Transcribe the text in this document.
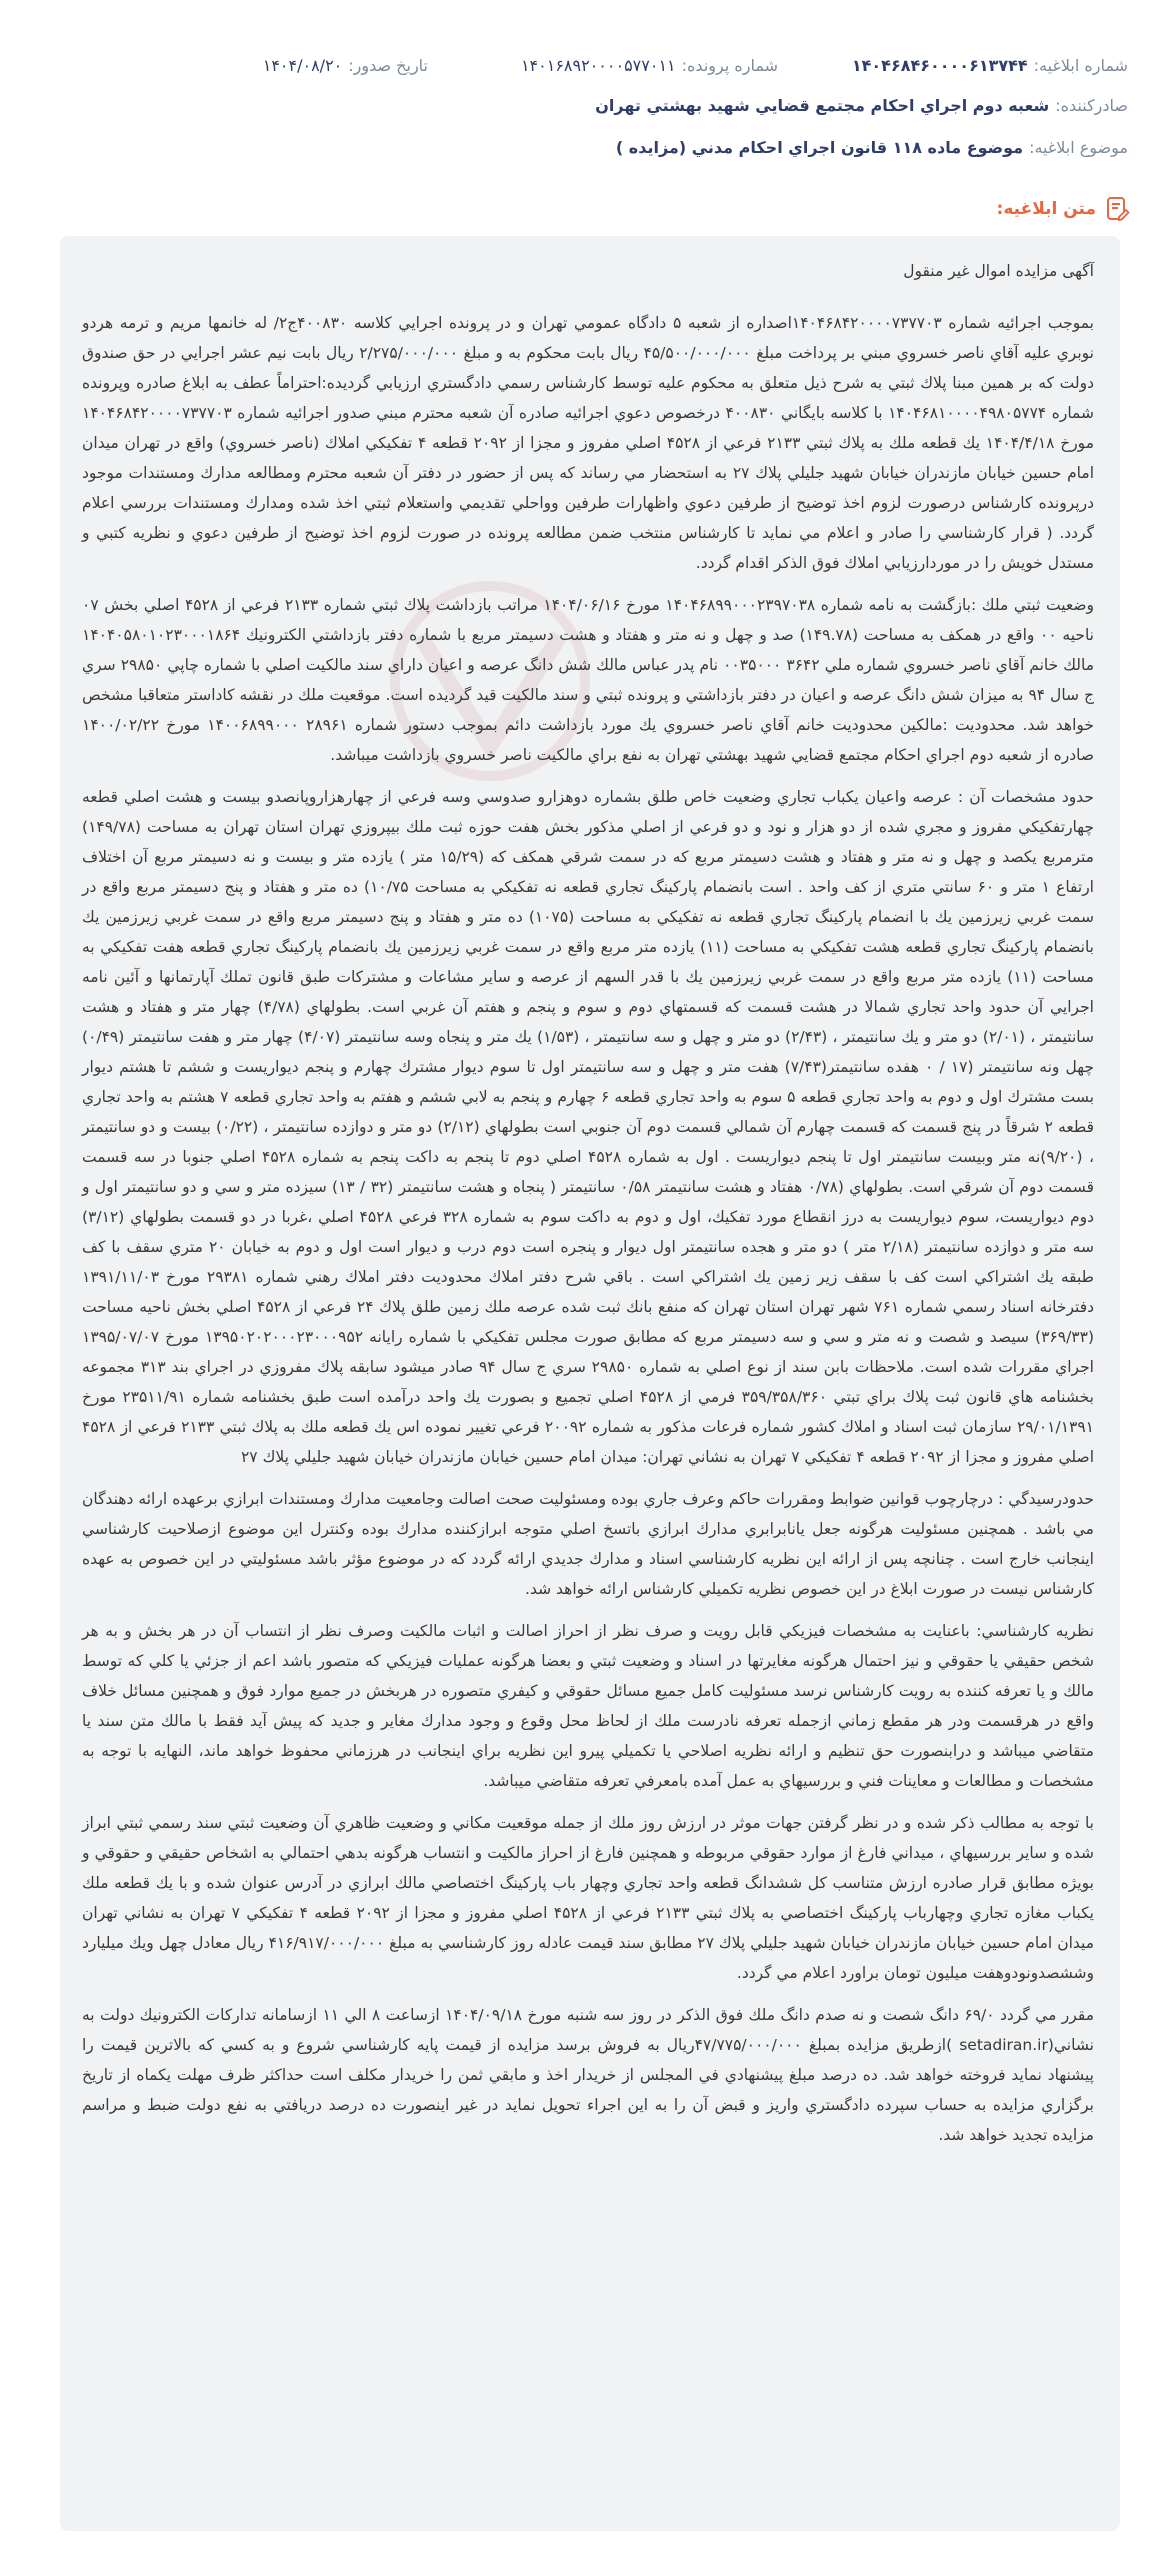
شماره ابلاغیه:۱۴۰۴۶۸۴۶۰۰۰۰۶۱۳۷۴۴
شماره پرونده:۱۴۰۱۶۸۹۲۰۰۰۰۵۷۷۰۱۱
تاریخ صدور:۱۴۰۴/۰۸/۲۰
صادرکننده:شعبه دوم اجراي احكام مجتمع قضايي شهيد بهشتي تهران
موضوع ابلاغیه:موضوع ماده ۱۱۸ قانون اجراي احكام مدني (مزايده )
متن ابلاغیه:

آگهی مزایده اموال غیر منقول

بموجب اجرائيه شماره ۱۴۰۴۶۸۴۲۰۰۰۰۷۳۷۷۰۳اصداره از شعبه ۵ دادگاه عمومي تهران و در پرونده اجرايي كلاسه ۴۰۰۸۳۰ج۲/ له خانمها مريم و ترمه هردو نوبري عليه آقاي ناصر خسروي مبني بر پرداخت مبلغ ۴۵/۵۰۰/۰۰۰/۰۰۰ ريال بابت محكوم به و مبلغ ۲/۲۷۵/۰۰۰/۰۰۰ ريال بابت نيم عشر اجرايي در حق صندوق دولت كه بر همين مبنا پلاك ثبتي به شرح ذيل متعلق به محكوم عليه توسط كارشناس رسمي دادگستري ارزيابي گرديده:احتراماً عطف به ابلاغ صادره وپرونده شماره ۱۴۰۴۶۸۱۰۰۰۰۴۹۸۰۵۷۷۴ با كلاسه بايگاني ۴۰۰۸۳۰ درخصوص دعوي اجرائيه صادره آن شعبه محترم مبني صدور اجرائيه شماره ۱۴۰۴۶۸۴۲۰۰۰۰۷۳۷۷۰۳ مورخ ۱۴۰۴/۴/۱۸ يك قطعه ملك به پلاك ثبتي ۲۱۳۳ فرعي از ۴۵۲۸ اصلي مفروز و مجزا از ۲۰۹۲ قطعه ۴ تفكيكي املاك (ناصر خسروي) واقع در تهران ميدان امام حسين خيابان مازندران خيابان شهيد جليلي پلاك ۲۷ به استحضار مي رساند كه پس از حضور در دفتر آن شعبه محترم ومطالعه مدارك ومستندات موجود درپرونده كارشناس درصورت لزوم اخذ توضيح از طرفين دعوي واظهارات طرفين وواحلي تقديمي واستعلام ثبتي اخذ شده ومدارك ومستندات بررسي اعلام گردد. ( قرار كارشناسي را صادر و اعلام مي نمايد تا كارشناس منتخب ضمن مطالعه پرونده در صورت لزوم اخذ توضيح از طرفين دعوي و نظريه كتبي و مستدل خويش را در موردارزيابي املاك فوق الذكر اقدام گردد.

وضعيت ثبتي ملك :بازگشت به نامه شماره ۱۴۰۴۶۸۹۹۰۰۰۲۳۹۷۰۳۸ مورخ ۱۴۰۴/۰۶/۱۶ مراتب بازداشت پلاك ثبتي شماره ۲۱۳۳ فرعي از ۴۵۲۸ اصلي بخش ۰۷ ناحيه ۰۰ واقع در همكف به مساحت (۱۴۹.۷۸) صد و چهل و نه متر و هفتاد و هشت دسيمتر مربع با شماره دفتر بازداشتي الكترونيك ۱۴۰۴۰۵۸۰۱۰۲۳۰۰۰۱۸۶۴ مالك خانم آقاي ناصر خسروي شماره ملي ۳۶۴۲ ۰۰۳۵۰۰۰ نام پدر عباس مالك شش دانگ عرصه و اعيان داراي سند مالكيت اصلي با شماره چاپي ۲۹۸۵۰ سري ج سال ۹۴ به ميزان شش دانگ عرصه و اعيان در دفتر بازداشتي و پرونده ثبتي و سند مالكيت قيد گرديده است. موقعيت ملك در نقشه كاداستر متعاقبا مشخص خواهد شد. محدوديت :مالكين محدوديت خانم آقاي ناصر خسروي يك مورد بازداشت دائم بموجب دستور شماره ۲۸۹۶۱ ۱۴۰۰۶۸۹۹۰۰۰ مورخ ۱۴۰۰/۰۲/۲۲ صادره از شعبه دوم اجراي احكام مجتمع قضايي شهيد بهشتي تهران به نفع براي مالكيت ناصر خسروي بازداشت ميباشد.

حدود مشخصات آن : عرصه واعيان يكباب تجاري وضعيت خاص طلق بشماره دوهزارو صدوسي وسه فرعي از چهارهزاروپانصدو بيست و هشت اصلي قطعه چهارتفكيكي مفروز و مجري شده از دو هزار و نود و دو فرعي از اصلي مذكور بخش هفت حوزه ثبت ملك بيپروزي تهران استان تهران به مساحت (۱۴۹/۷۸) مترمربع يكصد و چهل و نه متر و هفتاد و هشت دسيمتر مربع كه در سمت شرقي همكف كه (۱۵/۲۹ متر ) يازده متر و بيست و نه دسيمتر مربع آن اختلاف ارتفاع ۱ متر و ۶۰ سانتي متري از كف واحد . است بانضمام پاركينگ تجاري قطعه نه تفكيكي به مساحت ۱۰/۷۵) ده متر و هفتاد و پنج دسيمتر مربع واقع در سمت غربي زيرزمين يك با انضمام پاركينگ تجاري قطعه نه تفكيكي به مساحت (۱۰۷۵) ده متر و هفتاد و پنج دسيمتر مربع واقع در سمت غربي زيرزمين يك بانضمام پاركينگ تجاري قطعه هشت تفكيكي به مساحت (۱۱) يازده متر مربع واقع در سمت غربي زيرزمين يك بانضمام پاركينگ تجاري قطعه هفت تفكيكي به مساحت (۱۱) يازده متر مربع واقع در سمت غربي زيرزمين يك با قدر السهم از عرصه و ساير مشاعات و مشتركات طبق قانون تملك آپارتمانها و آئين نامه اجرايي آن حدود واحد تجاري شمالا در هشت قسمت كه قسمتهاي دوم و سوم و پنجم و هفتم آن غربي است. بطولهاي (۴/۷۸) چهار متر و هفتاد و هشت سانتيمتر ، (۲/۰۱) دو متر و يك سانتيمتر ، (۲/۴۳) دو متر و چهل و سه سانتيمتر ، (۱/۵۳) يك متر و پنجاه وسه سانتيمتر (۴/۰۷) چهار متر و هفت سانتيمتر (۰/۴۹) چهل ونه سانتيمتر (۱۷ / ۰ هفده سانتيمتر(۷/۴۳) هفت متر و چهل و سه سانتيمتر اول تا سوم ديوار مشترك چهارم و پنجم ديواريست و ششم تا هشتم ديوار بست مشترك اول و دوم به واحد تجاري قطعه ۵ سوم به واحد تجاري قطعه ۶ چهارم و پنجم به لابي ششم و هفتم به واحد تجاري قطعه ۷ هشتم به واحد تجاري قطعه ۲ شرقاً در پنج قسمت كه قسمت چهارم آن شمالي قسمت دوم آن جنوبي است بطولهاي (۲/۱۲) دو متر و دوازده سانتيمتر ، (۰/۲۲) بيست و دو سانتيمتر ، (۹/۲۰)نه متر وبيست سانتيمتر اول تا پنجم ديواريست . اول به شماره ۴۵۲۸ اصلي دوم تا پنجم به داكت پنجم به شماره ۴۵۲۸ اصلي جنوبا در سه قسمت قسمت دوم آن شرقي است. بطولهاي (۰/۷۸ هفتاد و هشت سانتيمتر ۰/۵۸ سانتيمتر ( پنجاه و هشت سانتيمتر (۳۲ / ۱۳) سيزده متر و سي و دو سانتيمتر اول و دوم ديواريست، سوم ديواريست به درز انقطاع مورد تفكيك، اول و دوم به داكت سوم به شماره ۳۲۸ فرعي ۴۵۲۸ اصلي ،غربا در دو قسمت بطولهاي (۳/۱۲) سه متر و دوازده سانتيمتر (۲/۱۸ متر ) دو متر و هجده سانتيمتر اول ديوار و پنجره است دوم درب و ديوار است اول و دوم به خيابان ۲۰ متري سقف با كف طبقه يك اشتراكي است كف با سقف زير زمين يك اشتراكي است . باقي شرح دفتر املاك محدوديت دفتر املاك رهني شماره ۲۹۳۸۱ مورخ ۱۳۹۱/۱۱/۰۳ دفترخانه اسناد رسمي شماره ۷۶۱ شهر تهران استان تهران كه منفع بانك ثبت شده عرصه ملك زمين طلق پلاك ۲۴ فرعي از ۴۵۲۸ اصلي بخش ناحيه مساحت (۳۶۹/۳۳) سيصد و شصت و نه متر و سي و سه دسيمتر مربع كه مطابق صورت مجلس تفكيكي با شماره رايانه ۱۳۹۵۰۲۰۲۰۰۰۲۳۰۰۰۹۵۲ مورخ ۱۳۹۵/۰۷/۰۷ اجراي مقررات شده است. ملاحظات بابن سند از نوع اصلي به شماره ۲۹۸۵۰ سري ج سال ۹۴ صادر ميشود سابقه پلاك مفروزي در اجراي بند ۳۱۳ مجموعه بخشنامه هاي قانون ثبت پلاك براي تبتي ۳۵۹/۳۵۸/۳۶۰ فرمي از ۴۵۲۸ اصلي تجميع و بصورت يك واحد درآمده است طبق بخشنامه شماره ۲۳۵۱۱/۹۱ مورخ ۲۹/۰۱/۱۳۹۱ سازمان ثبت اسناد و املاك كشور شماره فرعات مذكور به شماره ۲۰۰۹۲ فرعي تغيير نموده اس يك قطعه ملك به پلاك ثبتي ۲۱۳۳ فرعي از ۴۵۲۸ اصلي مفروز و مجزا از ۲۰۹۲ قطعه ۴ تفكيكي ۷ تهران به نشاني تهران: ميدان امام حسين خيابان مازندران خيابان شهيد جليلي پلاك ۲۷

حدودرسيدگي : درچارچوب قوانين ضوابط ومقررات حاكم وعرف جاري بوده ومسئوليت صحت اصالت وجامعيت مدارك ومستندات ابرازي برعهده ارائه دهندگان مي باشد . همچنين مسئوليت هرگونه جعل يانابرابري مدارك ابرازي باتسخ اصلي متوجه ابرازكننده مدارك بوده وكنترل اين موضوع ازصلاحيت كارشناسي اينجانب خارج است . چنانچه پس از ارائه اين نظريه كارشناسي اسناد و مدارك جديدي ارائه گردد كه در موضوع مؤثر باشد مسئوليتي در اين خصوص به عهده كارشناس نيست در صورت ابلاغ در اين خصوص نظريه تكميلي كارشناس ارائه خواهد شد.

نظريه كارشناسي: باعنايت به مشخصات فيزيكي قابل رويت و صرف نظر از احراز اصالت و اثبات مالكيت وصرف نظر از انتساب آن در هر بخش و به هر شخص حقيقي يا حقوقي و نيز احتمال هرگونه مغايرتها در اسناد و وضعيت ثبتي و بعضا هرگونه عمليات فيزيكي كه متصور باشد اعم از جزئي يا كلي كه توسط مالك و يا تعرفه كننده به رويت كارشناس نرسد مسئوليت كامل جميع مسائل حقوقي و كيفري متصوره در هربخش در جميع موارد فوق و همچنين مسائل خلاف واقع در هرقسمت ودر هر مقطع زماني ازجمله تعرفه نادرست ملك از لحاظ محل وقوع و وجود مدارك مغاير و جديد كه پيش آيد فقط با مالك متن سند يا متقاضي ميباشد و درابنصورت حق تنظيم و ارائه نظريه اصلاحي يا تكميلي پيرو اين نظريه براي اينجانب در هرزماني محفوظ خواهد ماند، النهايه با توجه به مشخصات و مطالعات و معاينات فني و بررسيهاي به عمل آمده بامعرفي تعرفه متقاضي ميباشد.

با توجه به مطالب ذكر شده و در نظر گرفتن جهات موثر در ارزش روز ملك از جمله موقعيت مكاني و وضعيت ظاهري آن وضعيت ثبتي سند رسمي ثبتي ابراز شده و ساير بررسيهاي ، ميداني فارغ از موارد حقوقي مربوطه و همچنين فارغ از احراز مالكيت و انتساب هرگونه بدهي احتمالي به اشخاص حقيقي و حقوقي و بويژه مطابق قرار صادره ارزش متناسب كل ششدانگ قطعه واحد تجاري وچهار باب پاركينگ اختصاصي مالك ابرازي در آدرس عنوان شده و با يك قطعه ملك يكباب مغازه تجاري وچهارباب پاركينگ اختصاصي به پلاك ثبتي ۲۱۳۳ فرعي از ۴۵۲۸ اصلي مفروز و مجزا از ۲۰۹۲ قطعه ۴ تفكيكي ۷ تهران به نشاني تهران ميدان امام حسين خيابان مازندران خيابان شهيد جليلي پلاك ۲۷ مطابق سند قيمت عادله روز كارشناسي به مبلغ ۴۱۶/۹۱۷/۰۰۰/۰۰۰ ريال معادل چهل ويك ميليارد وششصدونودوهفت ميليون تومان براورد اعلام مي گردد.

مقرر مي گردد ۶۹/۰ دانگ شصت و نه صدم دانگ ملك فوق الذكر در روز سه شنبه مورخ ۱۴۰۴/۰۹/۱۸ ازساعت ۸ الي ۱۱ ازسامانه تداركات الكترونيك دولت به نشاني(setadiran.ir )ازطريق مزايده بمبلغ ۴۷/۷۷۵/۰۰۰/۰۰۰ريال به فروش برسد مزايده از قيمت پايه كارشناسي شروع و به كسي كه بالاترين قيمت را پيشنهاد نمايد فروخته خواهد شد. ده درصد مبلغ پيشنهادي في المجلس از خريدار اخذ و مابقي ثمن را خريدار مكلف است حداكثر ظرف مهلت يكماه از تاريخ برگزاري مزايده به حساب سپرده دادگستري واريز و قبض آن را به اين اجراء تحويل نمايد در غير اينصورت ده درصد دريافتي به نفع دولت ضبط و مراسم مزايده تجديد خواهد شد.
